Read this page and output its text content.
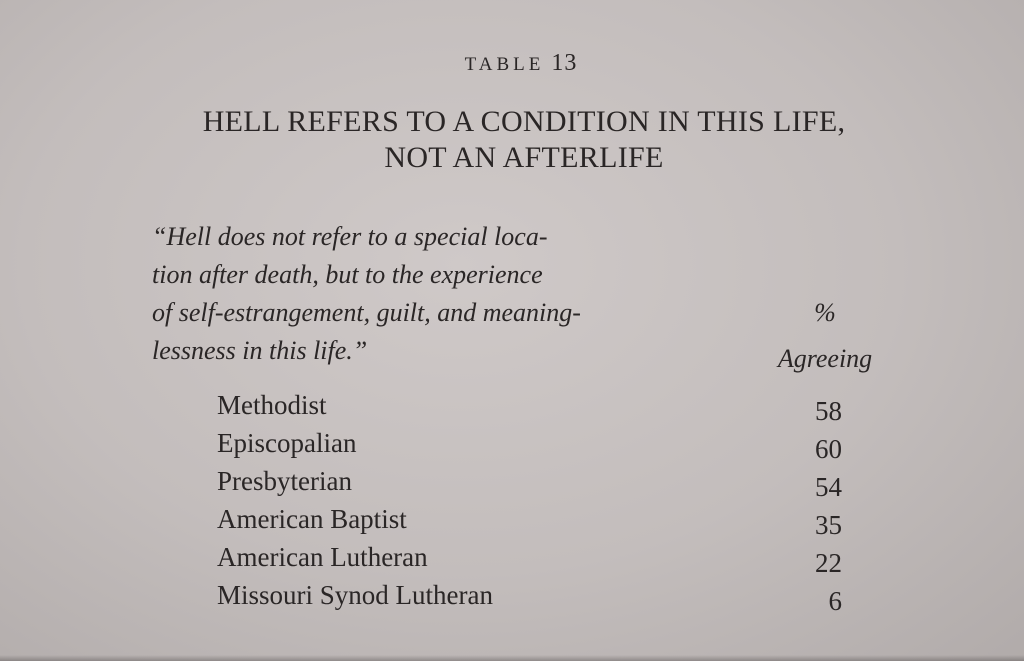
TABLE 13
HELL REFERS TO A CONDITION IN THIS LIFE,
NOT AN AFTERLIFE
“Hell does not refer to a special loca-
tion after death, but to the experience
of self-estrangement, guilt, and meaning-
lessness in this life.”
%
Agreeing
Methodist	58
Episcopalian	60
Presbyterian	54
American Baptist	35
American Lutheran	22
Missouri Synod Lutheran	6
